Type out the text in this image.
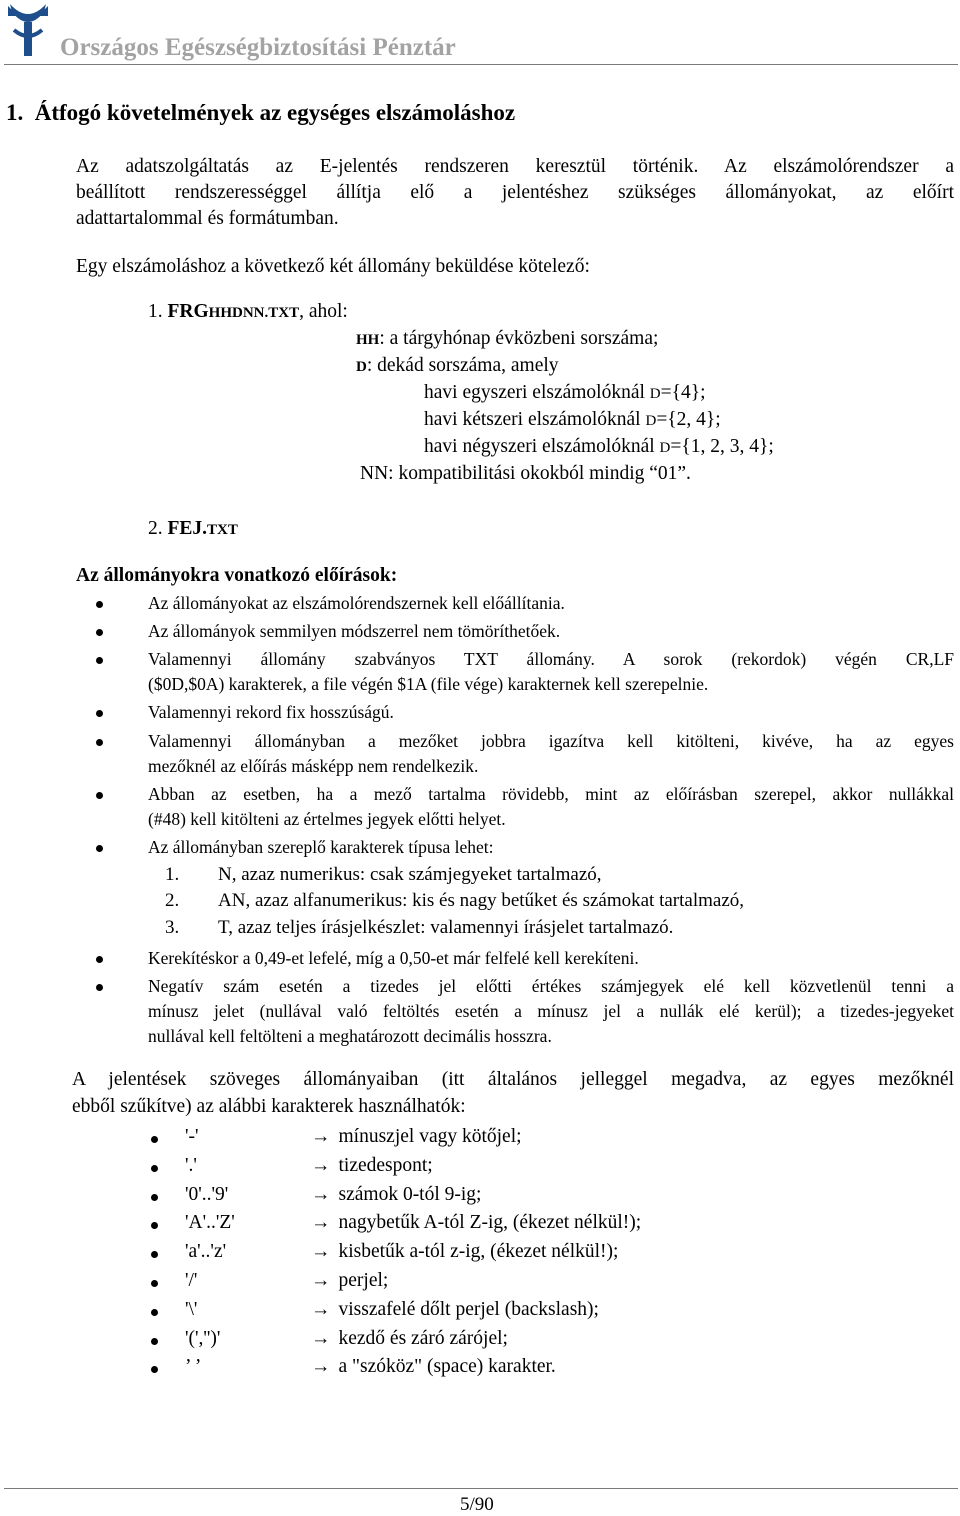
Országos Egészségbiztosítási Pénztár
1.  Átfogó követelmények az egységes elszámoláshoz
Az adatszolgáltatás az E-jelentés rendszeren keresztül történik. Az elszámolórendszer a
beállított rendszerességgel állítja elő a jelentéshez szükséges állományokat, az előírt
adattartalommal és formátumban.
Egy elszámoláshoz a következő két állomány beküldése kötelező:
1. FRGHHDNN.TXT, ahol:
HH: a tárgyhónap évközbeni sorszáma;
D: dekád sorszáma, amely
havi egyszeri elszámolóknál D={4};
havi kétszeri elszámolóknál D={2, 4};
havi négyszeri elszámolóknál D={1, 2, 3, 4};
NN: kompatibilitási okokból mindig “01”.
2. FEJ.TXT
Az állományokra vonatkozó előírások:
Az állományokat az elszámolórendszernek kell előállítania.
Az állományok semmilyen módszerrel nem tömöríthetőek.
Valamennyi állomány szabványos TXT állomány. A sorok (rekordok) végén CR,LF
($0D,$0A) karakterek, a file végén $1A (file vége) karakternek kell szerepelnie.
Valamennyi rekord fix hosszúságú.
Valamennyi állományban a mezőket jobbra igazítva kell kitölteni, kivéve, ha az egyes
mezőknél az előírás másképp nem rendelkezik.
Abban az esetben, ha a mező tartalma rövidebb, mint az előírásban szerepel, akkor nullákkal
(#48) kell kitölteni az értelmes jegyek előtti helyet.
Az állományban szereplő karakterek típusa lehet:
1. N, azaz numerikus: csak számjegyeket tartalmazó,
2. AN, azaz alfanumerikus: kis és nagy betűket és számokat tartalmazó,
3. T, azaz teljes írásjelkészlet: valamennyi írásjelet tartalmazó.
Kerekítéskor a 0,49-et lefelé, míg a 0,50-et már felfelé kell kerekíteni.
Negatív szám esetén a tizedes jel előtti értékes számjegyek elé kell közvetlenül tenni a
mínusz jelet (nullával való feltöltés esetén a mínusz jel a nullák elé kerül); a tizedes-jegyeket
nullával kell feltölteni a meghatározott decimális hosszra.
A jelentések szöveges állományaiban (itt általános jelleggel megadva, az egyes mezőknél
ebből szűkítve) az alábbi karakterek használhatók:
'-'	→ mínuszjel vagy kötőjel;
'.'	→ tizedespont;
'0'..'9'	→ számok 0-tól 9-ig;
'A'..'Z'	→ nagybetűk A-tól Z-ig, (ékezet nélkül!);
'a'..'z'	→ kisbetűk a-tól z-ig, (ékezet nélkül!);
'/'	→ perjel;
'\'	→ visszafelé dőlt perjel (backslash);
'(','')'	→ kezdő és záró zárójel;
’ ’	→ a "szóköz" (space) karakter.
5/90
